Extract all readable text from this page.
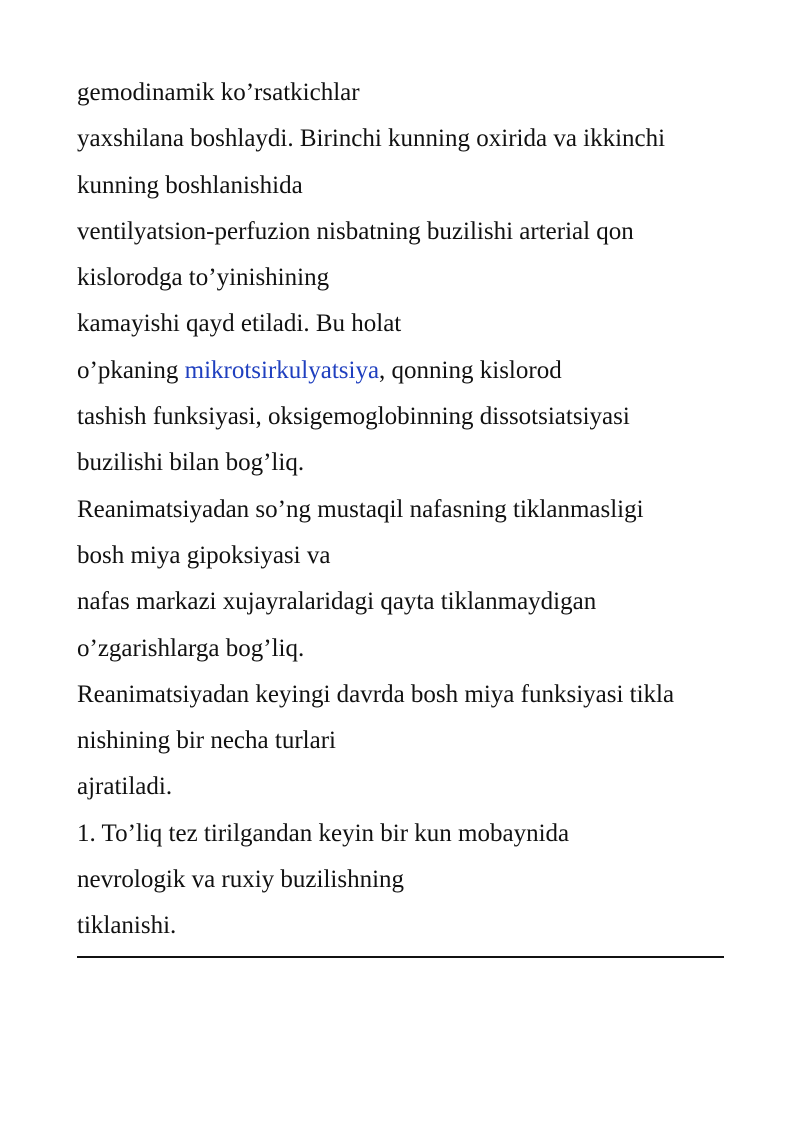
gemodinamik ko’rsatkichlar
yaxshilana boshlaydi. Birinchi kunning oxirida va ikkinchi
kunning boshlanishida
ventilyatsion-perfuzion nisbatning buzilishi arterial qon
kislorodga to’yinishining
kamayishi qayd etiladi. Bu holat
o’pkaning mikrotsirkulyatsiya, qonning kislorod
tashish funksiyasi, oksigemoglobinning dissotsiatsiyasi
buzilishi bilan bog’liq.
Reanimatsiyadan so’ng mustaqil nafasning tiklanmasligi
bosh miya gipoksiyasi va
nafas markazi xujayralaridagi qayta tiklanmaydigan
o’zgarishlarga bog’liq.
Reanimatsiyadan keyingi davrda bosh miya funksiyasi tikla
nishining bir necha turlari
ajratiladi.
1. To’liq tez tirilgandan keyin bir kun mobaynida
nevrologik va ruxiy buzilishning
tiklanishi.
